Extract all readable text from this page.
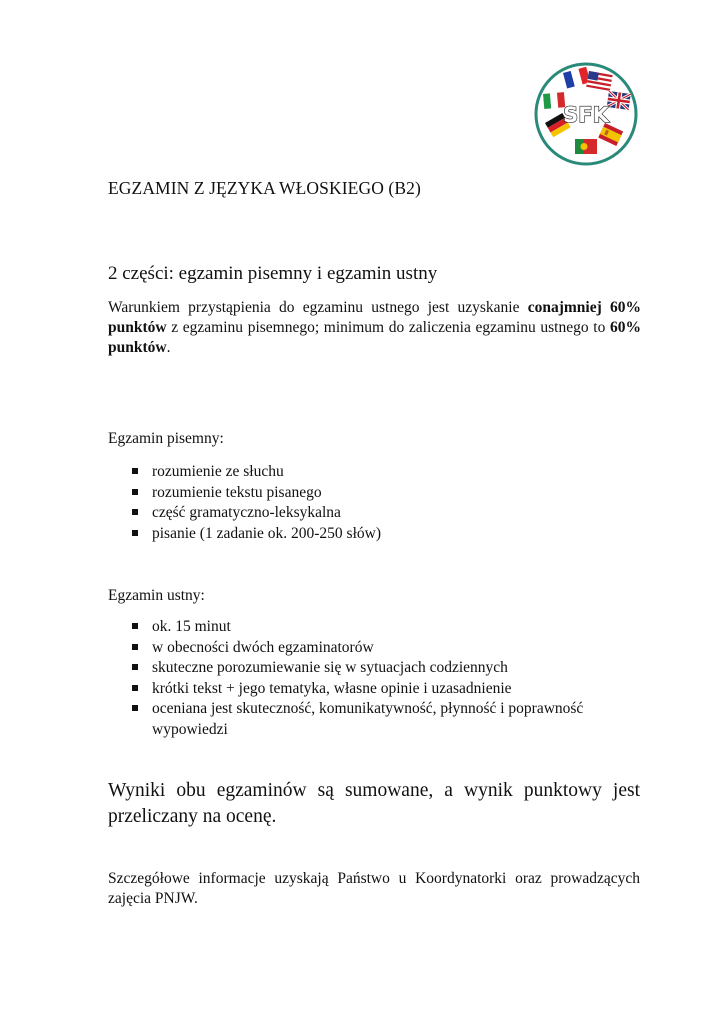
SFK
EGZAMIN Z JĘZYKA WŁOSKIEGO (B2)
2 części: egzamin pisemny i egzamin ustny
Warunkiem przystąpienia do egzaminu ustnego jest uzyskanie conajmniej 60% punktów z egzaminu pisemnego; minimum do zaliczenia egzaminu ustnego to 60% punktów.
Egzamin pisemny:
rozumienie ze słuchu
rozumienie tekstu pisanego
część gramatyczno-leksykalna
pisanie (1 zadanie ok. 200-250 słów)
Egzamin ustny:
ok. 15 minut
w obecności dwóch egzaminatorów
skuteczne porozumiewanie się w sytuacjach codziennych
krótki tekst + jego tematyka, własne opinie i uzasadnienie
oceniana jest skuteczność, komunikatywność, płynność i poprawność wypowiedzi
Wyniki obu egzaminów są sumowane, a wynik punktowy jest przeliczany na ocenę.
Szczegółowe informacje uzyskają Państwo u Koordynatorki oraz prowadzących zajęcia PNJW.
